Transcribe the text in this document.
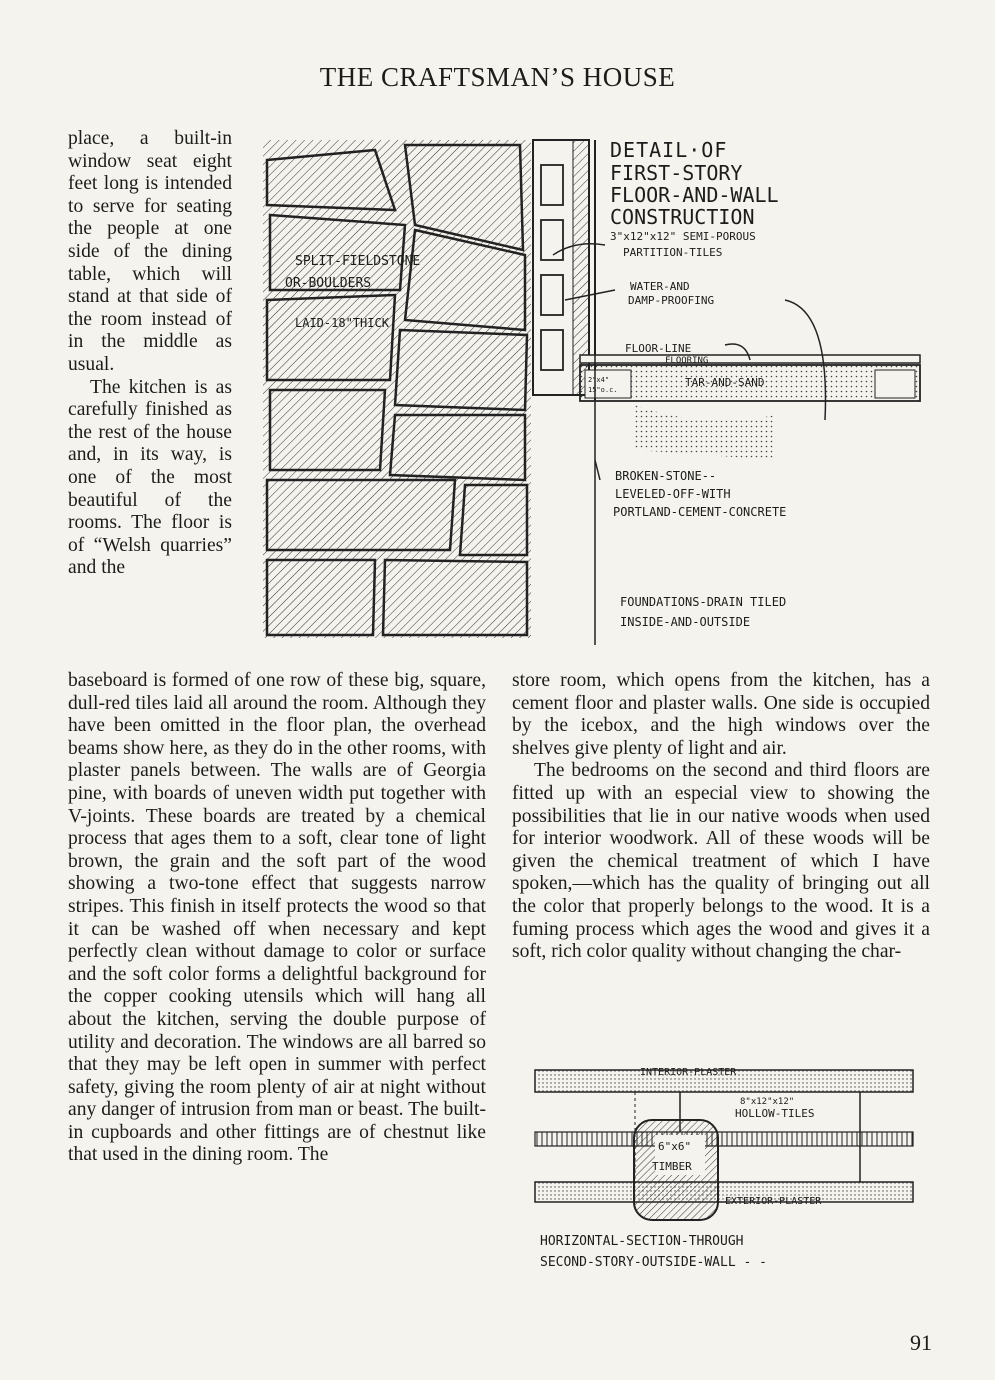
THE CRAFTSMAN’S HOUSE

place, a built-in window seat eight feet long is intended to serve for seating the people at one side of the dining table, which will stand at that side of the room instead of in the middle as usual.

The kitchen is as carefully finished as the rest of the house and, in its way, is one of the most beautiful of the rooms. The floor is of “Welsh quarries” and the

DETAIL·OF
FIRST-STORY
FLOOR-AND-WALL
CONSTRUCTION
3"x12"x12" SEMI-POROUS
PARTITION-TILES
WATER-AND
DAMP-PROOFING
FLOOR-LINE
FLOORING
TAR-AND-SAND
2"x4"
15"o.c.
SPLIT-FIELDSTONE
OR-BOULDERS
LAID-18"THICK
BROKEN-STONE--
LEVELED-OFF-WITH
PORTLAND-CEMENT-CONCRETE
FOUNDATIONS-DRAIN TILED
INSIDE-AND-OUTSIDE

baseboard is formed of one row of these big, square, dull-red tiles laid all around the room. Although they have been omitted in the floor plan, the overhead beams show here, as they do in the other rooms, with plaster panels between. The walls are of Georgia pine, with boards of uneven width put together with V-joints. These boards are treated by a chemical process that ages them to a soft, clear tone of light brown, the grain and the soft part of the wood showing a two-tone effect that suggests narrow stripes. This finish in itself protects the wood so that it can be washed off when necessary and kept perfectly clean without damage to color or surface and the soft color forms a delightful background for the copper cooking utensils which will hang all about the kitchen, serving the double purpose of utility and decoration. The windows are all barred so that they may be left open in summer with perfect safety, giving the room plenty of air at night without any danger of intrusion from man or beast. The built-in cupboards and other fittings are of chestnut like that used in the dining room. The

store room, which opens from the kitchen, has a cement floor and plaster walls. One side is occupied by the icebox, and the high windows over the shelves give plenty of light and air.

The bedrooms on the second and third floors are fitted up with an especial view to showing the possibilities that lie in our native woods when used for interior woodwork. All of these woods will be given the chemical treatment of which I have spoken,—which has the quality of bringing out all the color that properly belongs to the wood. It is a fuming process which ages the wood and gives it a soft, rich color quality without changing the char-

INTERIOR-PLASTER
8"x12"x12"
HOLLOW-TILES
6"x6"
TIMBER
EXTERIOR-PLASTER
HORIZONTAL-SECTION-THROUGH
SECOND-STORY-OUTSIDE-WALL - -
91
